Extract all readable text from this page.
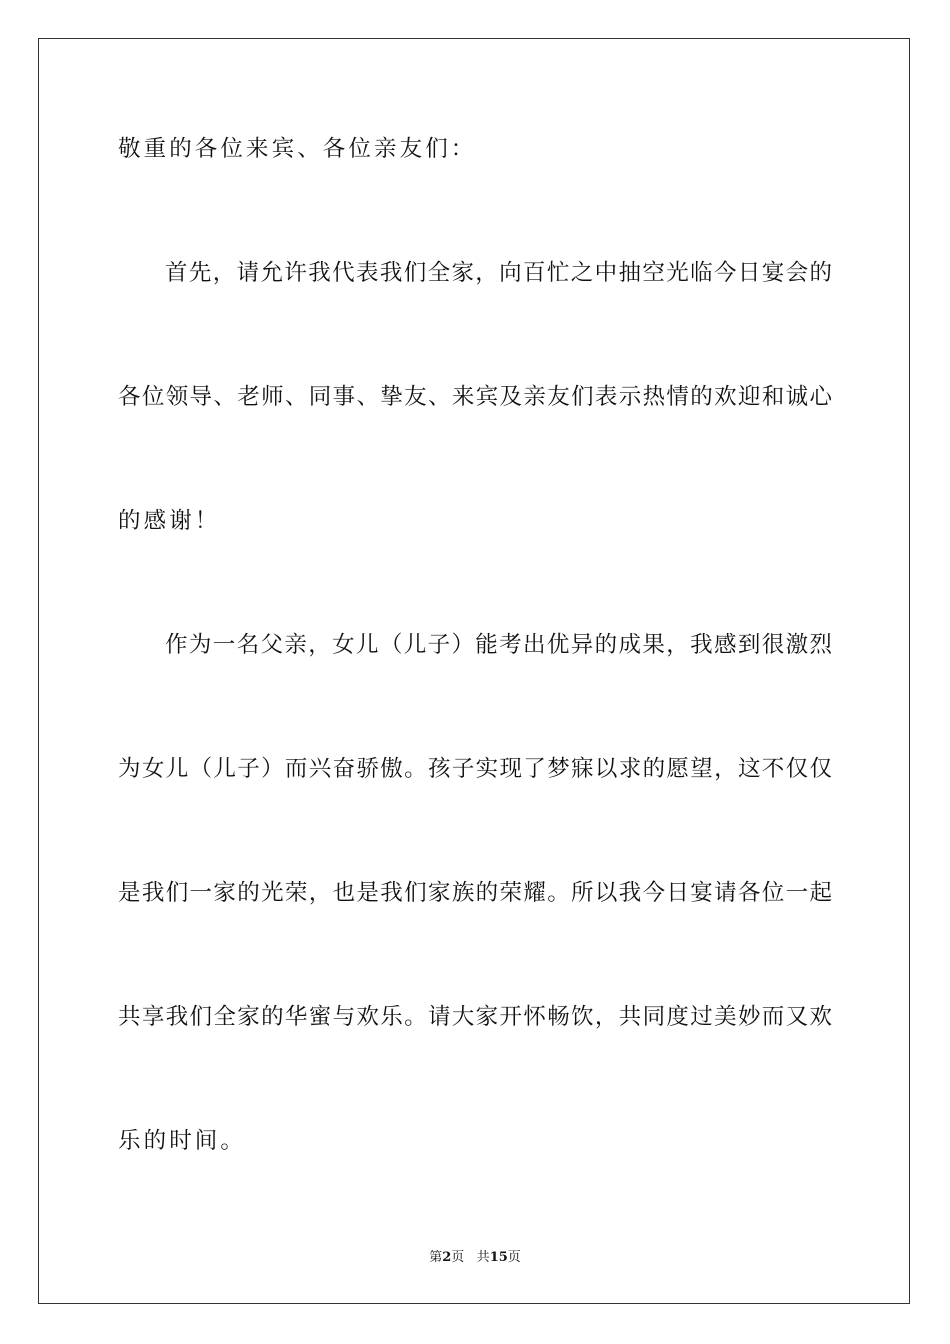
敬重的各位来宾、各位亲友们：
首先，请允许我代表我们全家，向百忙之中抽空光临今日宴会的
各位领导、老师、同事、挚友、来宾及亲友们表示热情的欢迎和诚心
的感谢！
作为一名父亲，女儿（儿子）能考出优异的成果，我感到很激烈
为女儿（儿子）而兴奋骄傲。孩子实现了梦寐以求的愿望，这不仅仅
是我们一家的光荣，也是我们家族的荣耀。所以我今日宴请各位一起
共享我们全家的华蜜与欢乐。请大家开怀畅饮，共同度过美妙而又欢
乐的时间。
第2页 共15页
